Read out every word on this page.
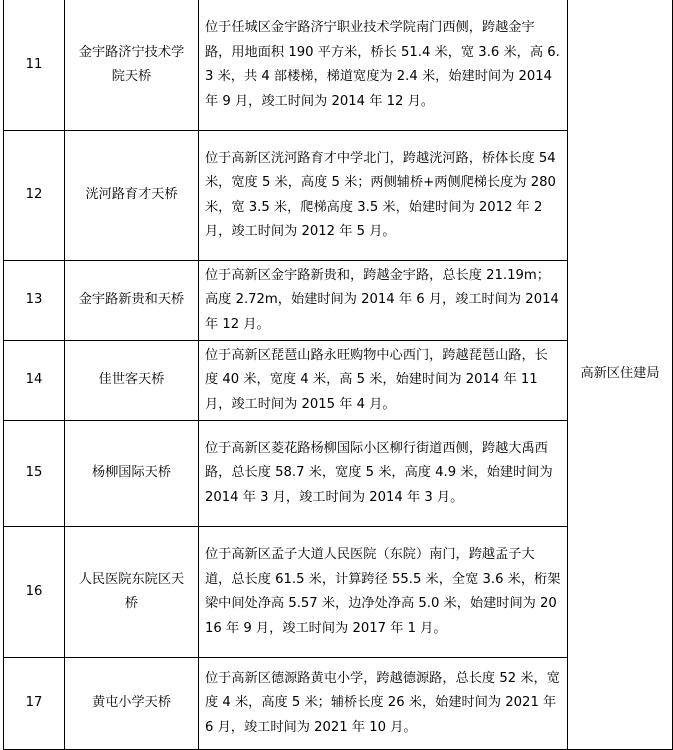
11	金宇路济宁技术学院天桥	位于任城区金宇路济宁职业技术学院南门西侧，跨越金宇路，用地面积 190 平方米，桥长 51.4 米，宽 3.6 米，高 6.3 米，共 4 部楼梯，梯道宽度为 2.4 米，始建时间为 2014 年 9 月，竣工时间为 2014 年 12 月。	高新区住建局
12	洸河路育才天桥	位于高新区洸河路育才中学北门，跨越洸河路，桥体长度 54 米，宽度 5 米，高度 5 米；两侧辅桥+两侧爬梯长度为 280 米，宽 3.5 米，爬梯高度 3.5 米，始建时间为 2012 年 2 月，竣工时间为 2012 年 5 月。	
13	金宇路新贵和天桥	位于高新区金宇路新贵和，跨越金宇路，总长度 21.19m；高度 2.72m，始建时间为 2014 年 6 月，竣工时间为 2014 年 12 月。	
14	佳世客天桥	位于高新区琵琶山路永旺购物中心西门，跨越琵琶山路，长度 40 米，宽度 4 米，高 5 米，始建时间为 2014 年 11 月，竣工时间为 2015 年 4 月。	
15	杨柳国际天桥	位于高新区菱花路杨柳国际小区柳行街道西侧，跨越大禹西路，总长度 58.7 米，宽度 5 米，高度 4.9 米，始建时间为 2014 年 3 月，竣工时间为 2014 年 3 月。	
16	人民医院东院区天桥	位于高新区孟子大道人民医院（东院）南门，跨越孟子大道，总长度 61.5 米，计算跨径 55.5 米，全宽 3.6 米，桁架梁中间处净高 5.57 米，边净处净高 5.0 米，始建时间为 2016 年 9 月，竣工时间为 2017 年 1 月。	
17	黄屯小学天桥	位于高新区德源路黄屯小学，跨越德源路，总长度 52 米，宽度 4 米，高度 5 米；辅桥长度 26 米，始建时间为 2021 年 6 月，竣工时间为 2021 年 10 月。	
